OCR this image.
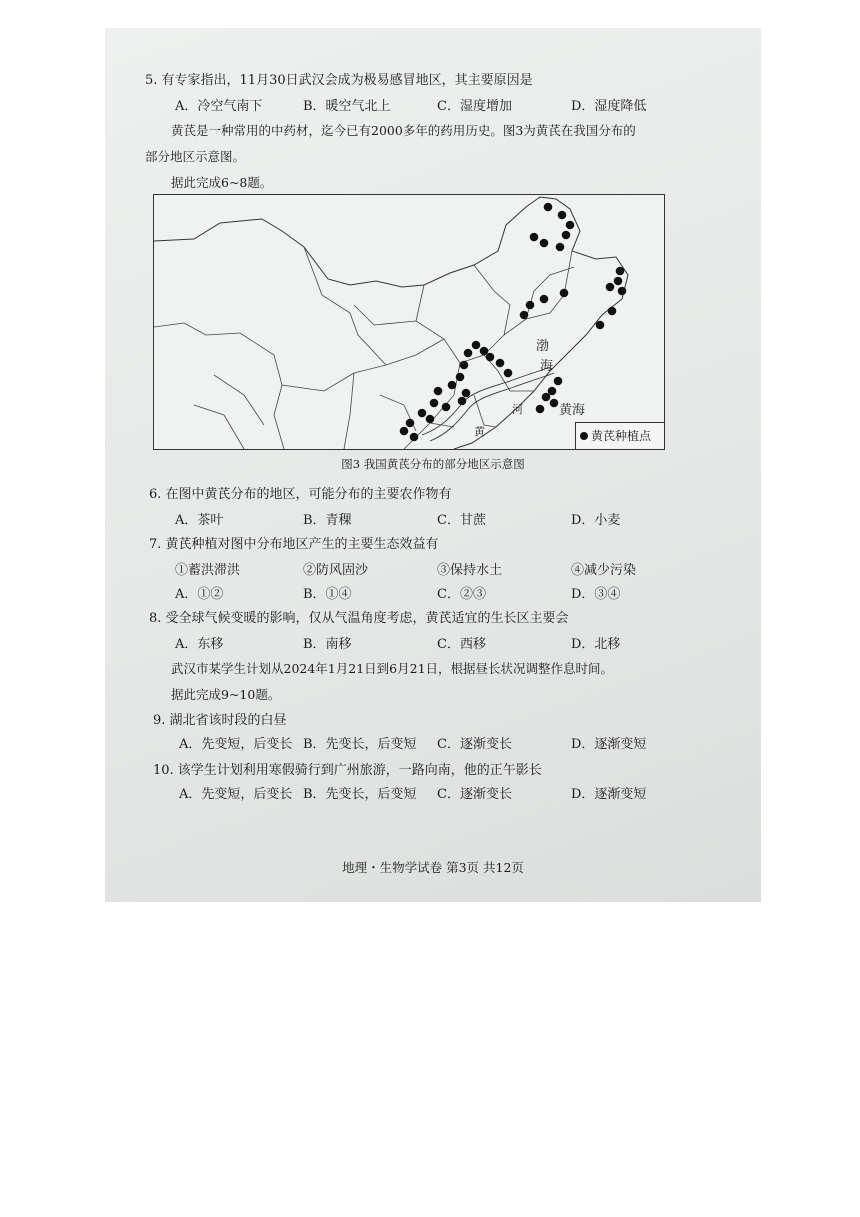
5. 有专家指出，11月30日武汉会成为极易感冒地区，其主要原因是
A．冷空气南下	B．暖空气北上	C．湿度增加	D．湿度降低
黄芪是一种常用的中药材，迄今已有2000多年的药用历史。图3为黄芪在我国分布的
部分地区示意图。
据此完成6~8题。
渤
海
黄海
黄
河
黄芪种植点
图3 我国黄芪分布的部分地区示意图
6. 在图中黄芪分布的地区，可能分布的主要农作物有
A．茶叶	B．青稞	C．甘蔗	D．小麦
7. 黄芪种植对图中分布地区产生的主要生态效益有
①蓄洪滞洪	②防风固沙	③保持水土	④减少污染
A．①②	B．①④	C．②③	D．③④
8. 受全球气候变暖的影响，仅从气温角度考虑，黄芪适宜的生长区主要会
A．东移	B．南移	C．西移	D．北移
武汉市某学生计划从2024年1月21日到6月21日，根据昼长状况调整作息时间。
据此完成9~10题。
9. 湖北省该时段的白昼
A．先变短，后变长 B．先变长，后变短 C．逐渐变长	D．逐渐变短
10. 该学生计划利用寒假骑行到广州旅游，一路向南，他的正午影长
A．先变短，后变长 B．先变长，后变短 C．逐渐变长	D．逐渐变短
地理・生物学试卷 第3页 共12页
